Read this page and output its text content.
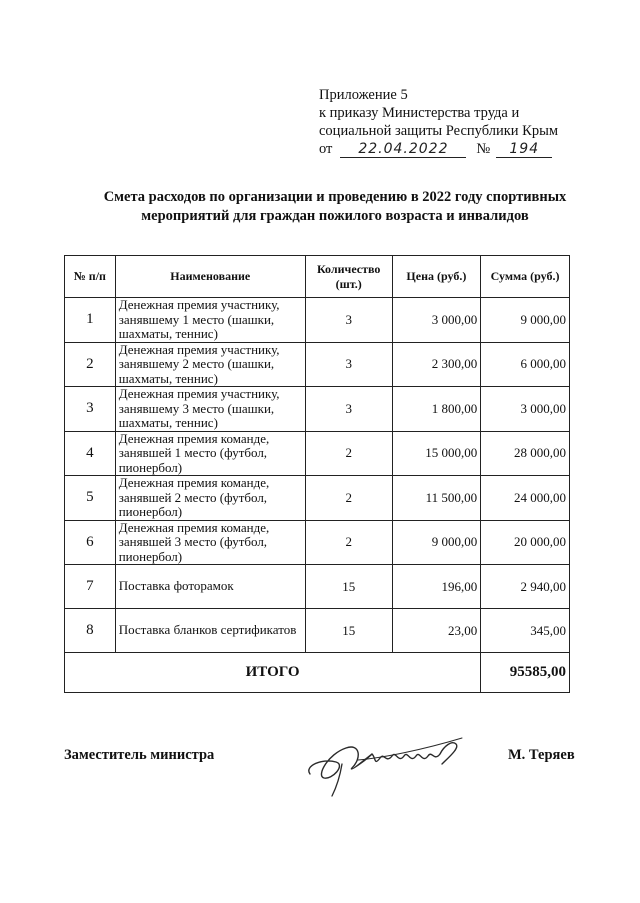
Приложение 5
к приказу Министерства труда и
социальной защиты Республики Крым
от	22.04.2022	№	194
Смета расходов по организации и проведению в 2022 году спортивных
мероприятий для граждан пожилого возраста и инвалидов
№ п/п	Наименование	Количество (шт.)	Цена (руб.)	Сумма (руб.)
1	Денежная премия участнику, занявшему 1 место (шашки, шахматы, теннис)	3	3 000,00	9 000,00
2	Денежная премия участнику, занявшему 2 место (шашки, шахматы, теннис)	3	2 300,00	6 000,00
3	Денежная премия участнику, занявшему 3 место (шашки, шахматы, теннис)	3	1 800,00	3 000,00
4	Денежная премия команде, занявшей 1 место (футбол, пионербол)	2	15 000,00	28 000,00
5	Денежная премия команде, занявшей 2 место (футбол, пионербол)	2	11 500,00	24 000,00
6	Денежная премия команде, занявшей 3 место (футбол, пионербол)	2	9 000,00	20 000,00
7	Поставка фоторамок	15	196,00	2 940,00
8	Поставка бланков сертификатов	15	23,00	345,00
ИТОГО				95585,00
Заместитель министра	М. Теряев
